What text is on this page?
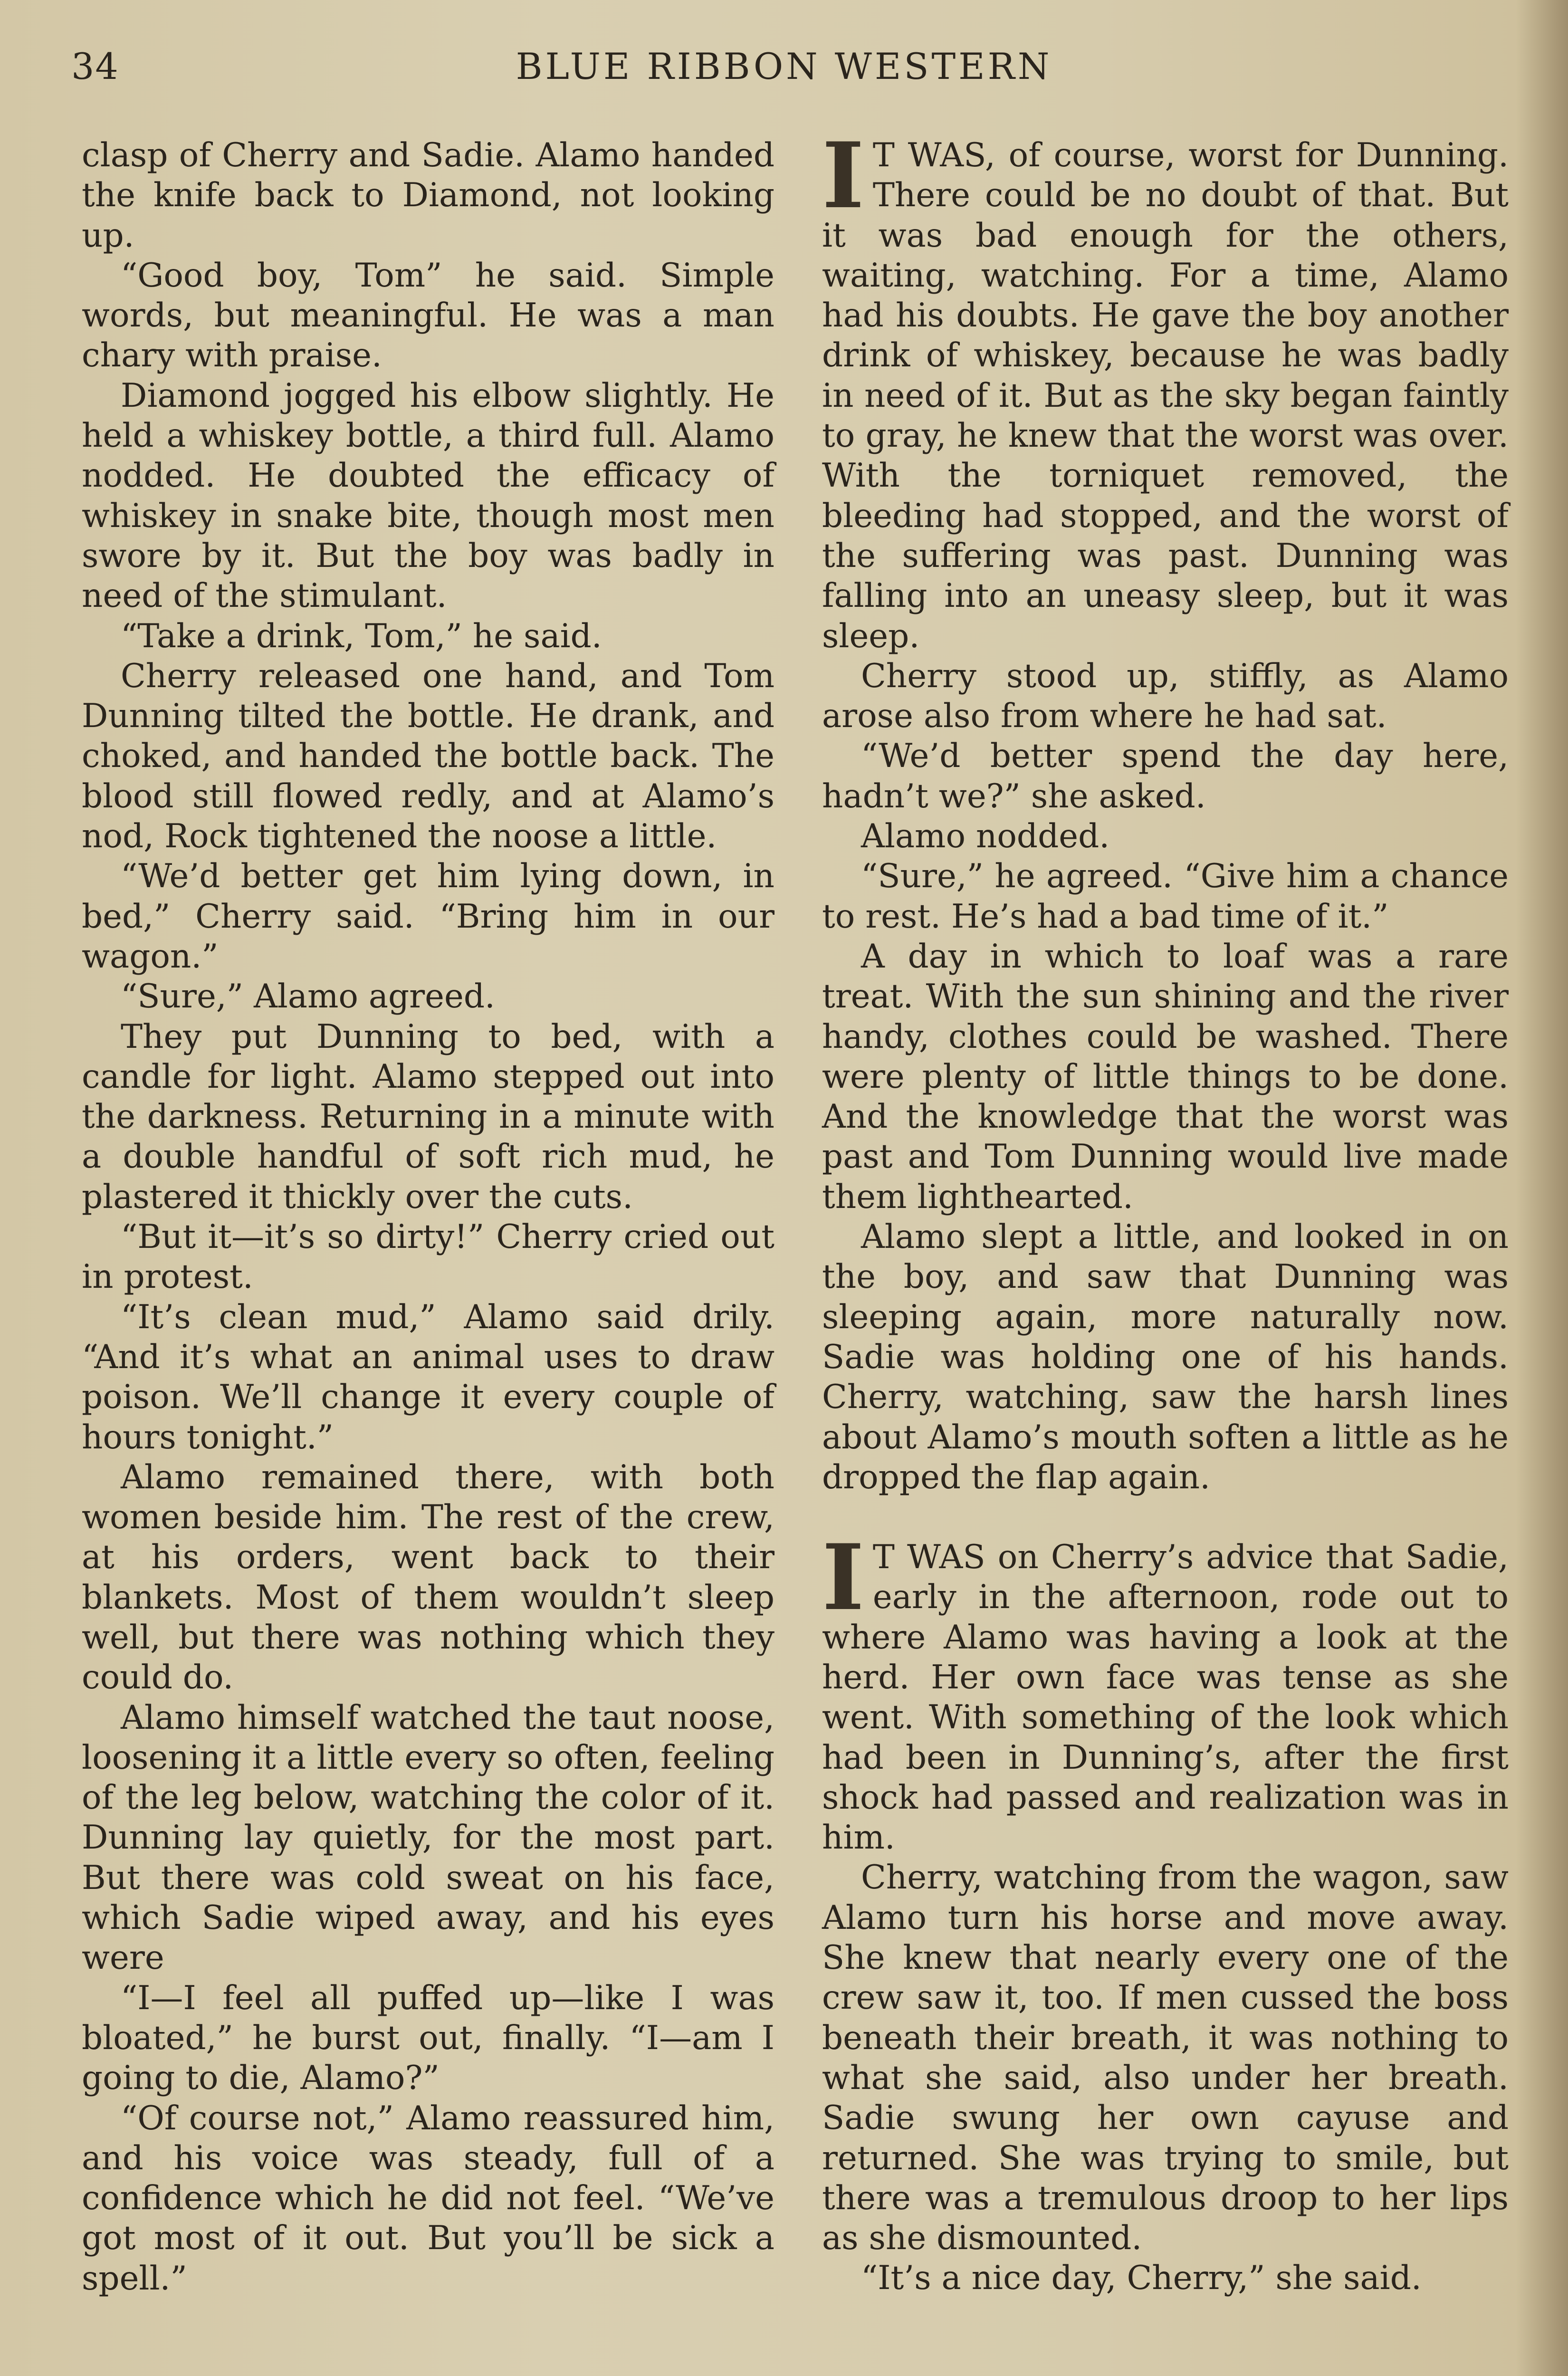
34	BLUE RIBBON WESTERN

clasp of Cherry and Sadie. Alamo handed the knife back to Diamond, not looking up.

“Good boy, Tom” he said. Simple words, but meaningful. He was a man chary with praise.

Diamond jogged his elbow slightly. He held a whiskey bottle, a third full. Alamo nodded. He doubted the efficacy of whiskey in snake bite, though most men swore by it. But the boy was badly in need of the stimulant.

“Take a drink, Tom,” he said.

Cherry released one hand, and Tom Dunning tilted the bottle. He drank, and choked, and handed the bottle back. The blood still flowed redly, and at Alamo’s nod, Rock tightened the noose a little.

“We’d better get him lying down, in bed,” Cherry said. “Bring him in our wagon.”

“Sure,” Alamo agreed.

They put Dunning to bed, with a candle for light. Alamo stepped out into the darkness. Returning in a minute with a double handful of soft rich mud, he plastered it thickly over the cuts.

“But it—it’s so dirty!” Cherry cried out in protest.

“It’s clean mud,” Alamo said drily. “And it’s what an animal uses to draw poison. We’ll change it every couple of hours tonight.”

Alamo remained there, with both women beside him. The rest of the crew, at his orders, went back to their blankets. Most of them wouldn’t sleep well, but there was nothing which they could do.

Alamo himself watched the taut noose, loosening it a little every so often, feeling of the leg below, watching the color of it. Dunning lay quietly, for the most part. But there was cold sweat on his face, which Sadie wiped away, and his eyes were

“I—I feel all puffed up—like I was bloated,” he burst out, finally. “I—am I going to die, Alamo?”

“Of course not,” Alamo reassured him, and his voice was steady, full of a confidence which he did not feel. “We’ve got most of it out. But you’ll be sick a spell.”

I T WAS, of course, worst for Dunning. There could be no doubt of that. But it was bad enough for the others, waiting, watching. For a time, Alamo had his doubts. He gave the boy another drink of whiskey, because he was badly in need of it. But as the sky began faintly to gray, he knew that the worst was over. With the torniquet removed, the bleeding had stopped, and the worst of the suffering was past. Dunning was falling into an uneasy sleep, but it was sleep.

Cherry stood up, stiffly, as Alamo arose also from where he had sat.

“We’d better spend the day here, hadn’t we?” she asked.

Alamo nodded.

“Sure,” he agreed. “Give him a chance to rest. He’s had a bad time of it.”

A day in which to loaf was a rare treat. With the sun shining and the river handy, clothes could be washed. There were plenty of little things to be done. And the knowledge that the worst was past and Tom Dunning would live made them lighthearted.

Alamo slept a little, and looked in on the boy, and saw that Dunning was sleeping again, more naturally now. Sadie was holding one of his hands. Cherry, watching, saw the harsh lines about Alamo’s mouth soften a little as he dropped the flap again.

I T WAS on Cherry’s advice that Sadie, early in the afternoon, rode out to where Alamo was having a look at the herd. Her own face was tense as she went. With something of the look which had been in Dunning’s, after the first shock had passed and realization was in him.

Cherry, watching from the wagon, saw Alamo turn his horse and move away. She knew that nearly every one of the crew saw it, too. If men cussed the boss beneath their breath, it was nothing to what she said, also under her breath. Sadie swung her own cayuse and returned. She was trying to smile, but there was a tremulous droop to her lips as she dismounted.

“It’s a nice day, Cherry,” she said.
